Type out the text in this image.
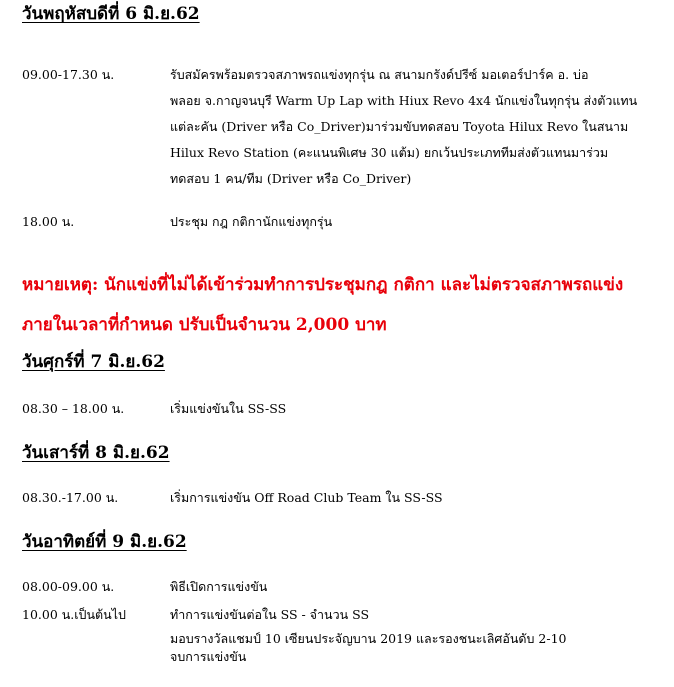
วันพฤหัสบดีที่ 6 มิ.ย.62
09.00-17.30 น.	รับสมัครพร้อมตรวจสภาพรถแข่งทุกรุ่น ณ สนามกรังด์ปรีซ์ มอเตอร์ปาร์ค อ. บ่อ
พลอย จ.กาญจนบุรี Warm Up Lap with Hiux Revo 4x4 นักแข่งในทุกรุ่น ส่งตัวแทน
แต่ละคัน (Driver หรือ Co_Driver)มาร่วมขับทดสอบ Toyota Hilux Revo ในสนาม
Hilux Revo Station (คะแนนพิเศษ 30 แต้ม) ยกเว้นประเภททีมส่งตัวแทนมาร่วม
ทดสอบ 1 คน/ทีม (Driver หรือ Co_Driver)
18.00 น.	ประชุม กฎ กติกานักแข่งทุกรุ่น
หมายเหตุ: นักแข่งที่ไม่ได้เข้าร่วมทำการประชุมกฎ กติกา และไม่ตรวจสภาพรถแข่ง
ภายในเวลาที่กำหนด ปรับเป็นจำนวน 2,000 บาท
วันศุกร์ที่ 7 มิ.ย.62
08.30 – 18.00 น.	เริ่มแข่งขันใน SS-SS
วันเสาร์ที่ 8 มิ.ย.62
08.30.-17.00 น.	เริ่มการแข่งขัน Off Road Club Team ใน SS-SS
วันอาทิตย์ที่ 9 มิ.ย.62
08.00-09.00 น.	พิธีเปิดการแข่งขัน
10.00 น.เป็นต้นไป	ทำการแข่งขันต่อใน SS - จำนวน SS
มอบรางวัลแชมป์ 10 เซียนประจัญบาน 2019 และรองชนะเลิศอันดับ 2-10
จบการแข่งขัน
